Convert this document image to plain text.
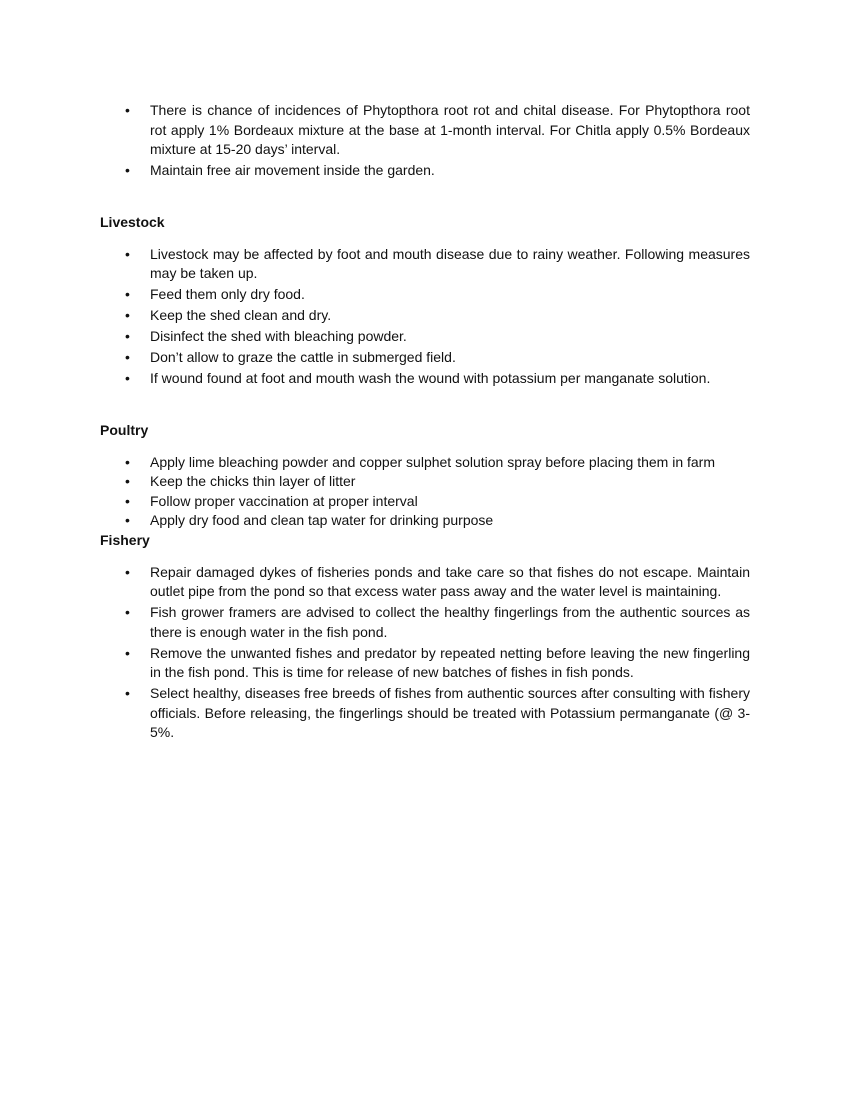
• There is chance of incidences of Phytopthora root rot and chital disease. For Phytopthora root rot apply 1% Bordeaux mixture at the base at 1-month interval. For Chitla apply 0.5% Bordeaux mixture at 15-20 days’ interval.
• Maintain free air movement inside the garden.

Livestock

• Livestock may be affected by foot and mouth disease due to rainy weather. Following measures may be taken up.
• Feed them only dry food.
• Keep the shed clean and dry.
• Disinfect the shed with bleaching powder.
• Don’t allow to graze the cattle in submerged field.
• If wound found at foot and mouth wash the wound with potassium per manganate solution.

Poultry

• Apply lime bleaching powder and copper sulphet solution spray before placing them in farm
• Keep the chicks thin layer of litter
• Follow proper vaccination at proper interval
• Apply dry food and clean tap water for drinking purpose

Fishery

• Repair damaged dykes of fisheries ponds and take care so that fishes do not escape. Maintain outlet pipe from the pond so that excess water pass away and the water level is maintaining.
• Fish grower framers are advised to collect the healthy fingerlings from the authentic sources as there is enough water in the fish pond.
• Remove the unwanted fishes and predator by repeated netting before leaving the new fingerling in the fish pond. This is time for release of new batches of fishes in fish ponds.
• Select healthy, diseases free breeds of fishes from authentic sources after consulting with fishery officials. Before releasing, the fingerlings should be treated with Potassium permanganate (@ 3-5%.
